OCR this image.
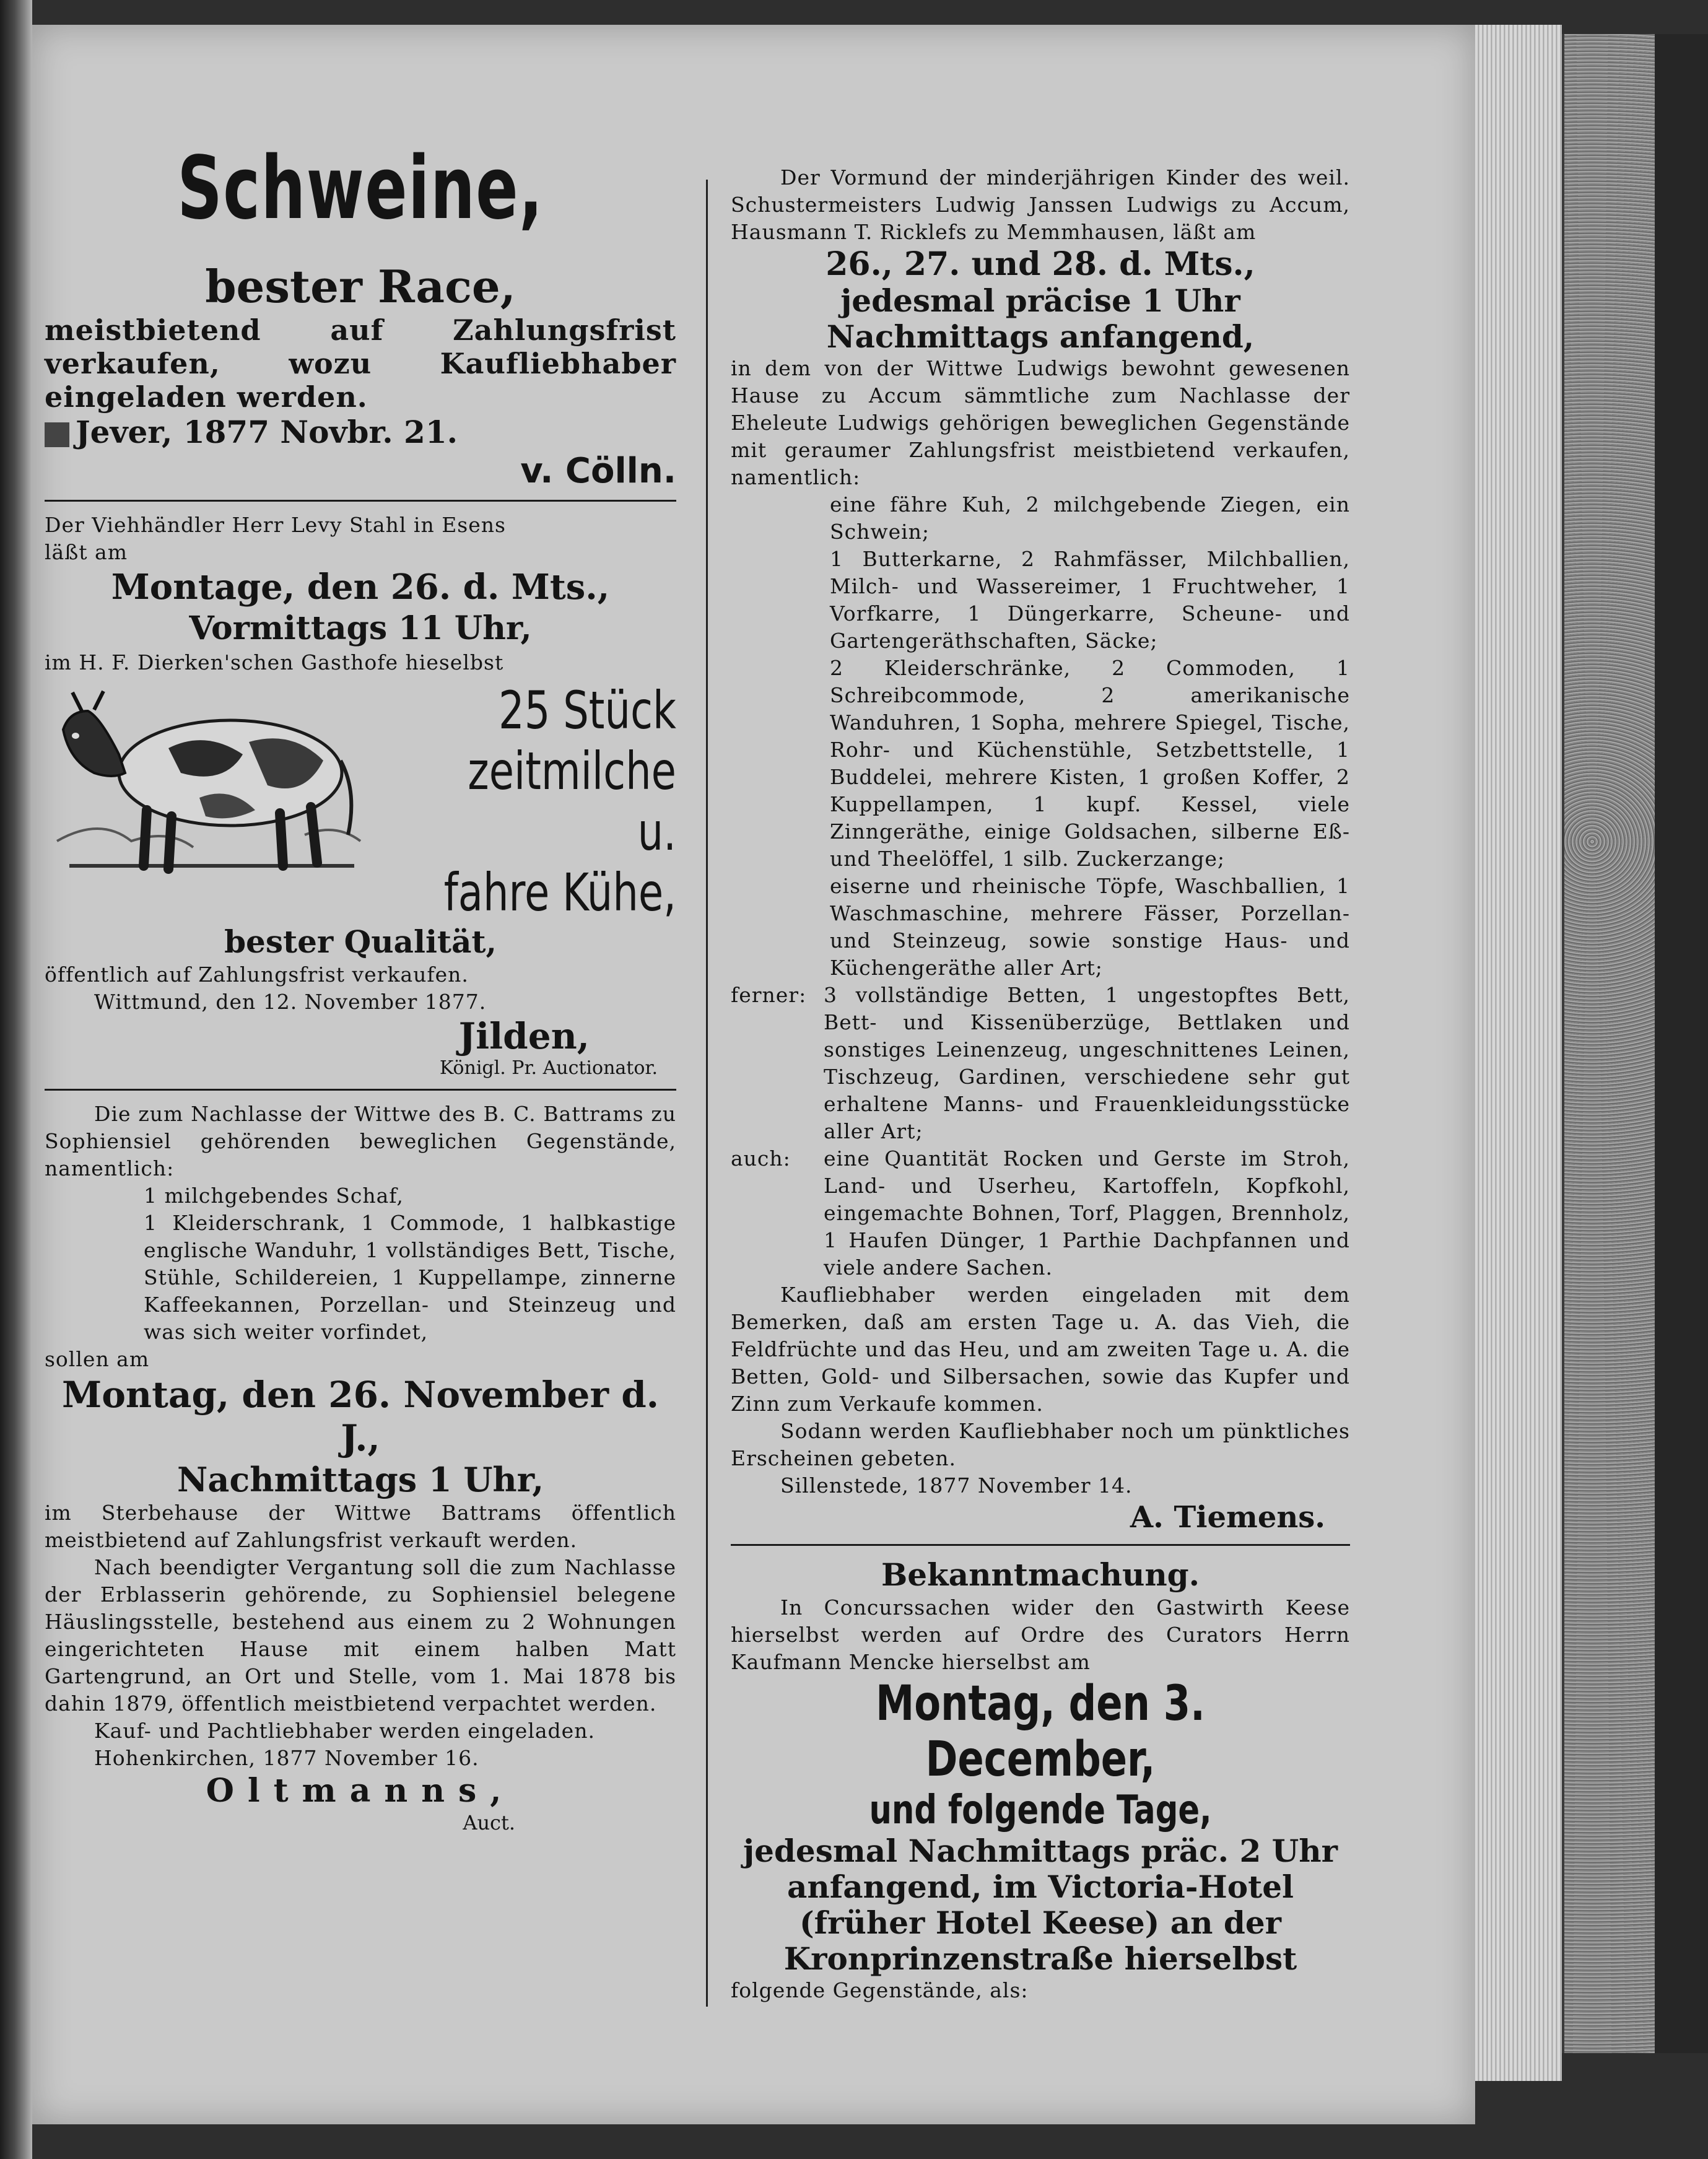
Schweine,
bester Race,

meistbietend auf Zahlungsfrist verkaufen, wozu Kaufliebhaber eingeladen werden.

Jever, 1877 Novbr. 21.
v. Cölln.

Der Viehhändler Herr Levy Stahl in Esens

läßt am

Montage, den 26. d. Mts.,
Vormittags 11 Uhr,

im H. F. Dierken'schen Gasthofe hieselbst

25 Stück
zeitmilche u.
fahre Kühe,
bester Qualität,

öffentlich auf Zahlungsfrist verkaufen.

Wittmund, den 12. November 1877.

Jilden,
Königl. Pr. Auctionator.

Die zum Nachlasse der Wittwe des B. C. Battrams zu Sophiensiel gehörenden beweglichen Gegenstände, namentlich:

1 milchgebendes Schaf,

1 Kleiderschrank, 1 Commode, 1 halbkastige englische Wanduhr, 1 vollständiges Bett, Tische, Stühle, Schildereien, 1 Kuppellampe, zinnerne Kaffeekannen, Porzellan- und Steinzeug und was sich weiter vorfindet,

sollen am

Montag, den 26. November d. J.,
Nachmittags 1 Uhr,

im Sterbehause der Wittwe Battrams öffentlich meistbietend auf Zahlungsfrist verkauft werden.

Nach beendigter Vergantung soll die zum Nachlasse der Erblasserin gehörende, zu Sophiensiel belegene Häuslingsstelle, bestehend aus einem zu 2 Wohnungen eingerichteten Hause mit einem halben Matt Gartengrund, an Ort und Stelle, vom 1. Mai 1878 bis dahin 1879, öffentlich meistbietend verpachtet werden.

Kauf- und Pachtliebhaber werden eingeladen.

Hohenkirchen, 1877 November 16.

Oltmanns,
Auct.

Der Vormund der minderjährigen Kinder des weil. Schustermeisters Ludwig Janssen Ludwigs zu Accum, Hausmann T. Ricklefs zu Memmhausen, läßt am

26., 27. und 28. d. Mts.,
jedesmal präcise 1 Uhr Nachmittags anfangend,

in dem von der Wittwe Ludwigs bewohnt gewesenen Hause zu Accum sämmtliche zum Nachlasse der Eheleute Ludwigs gehörigen beweglichen Gegenstände mit geraumer Zahlungsfrist meistbietend verkaufen, namentlich:

eine fähre Kuh, 2 milchgebende Ziegen, ein Schwein;

1 Butterkarne, 2 Rahmfässer, Milchballien, Milch- und Wassereimer, 1 Fruchtweher, 1 Vorfkarre, 1 Düngerkarre, Scheune- und Gartengeräthschaften, Säcke;

2 Kleiderschränke, 2 Commoden, 1 Schreibcommode, 2 amerikanische Wanduhren, 1 Sopha, mehrere Spiegel, Tische, Rohr- und Küchenstühle, Setzbettstelle, 1 Buddelei, mehrere Kisten, 1 großen Koffer, 2 Kuppellampen, 1 kupf. Kessel, viele Zinngeräthe, einige Goldsachen, silberne Eß- und Theelöffel, 1 silb. Zuckerzange;

eiserne und rheinische Töpfe, Waschballien, 1 Waschmaschine, mehrere Fässer, Porzellan- und Steinzeug, sowie sonstige Haus- und Küchengeräthe aller Art;

ferner: 3 vollständige Betten, 1 ungestopftes Bett, Bett- und Kissenüberzüge, Bettlaken und sonstiges Leinenzeug, ungeschnittenes Leinen, Tischzeug, Gardinen, verschiedene sehr gut erhaltene Manns- und Frauenkleidungsstücke aller Art;

auch: eine Quantität Rocken und Gerste im Stroh, Land- und Userheu, Kartoffeln, Kopfkohl, eingemachte Bohnen, Torf, Plaggen, Brennholz, 1 Haufen Dünger, 1 Parthie Dachpfannen und viele andere Sachen.

Kaufliebhaber werden eingeladen mit dem Bemerken, daß am ersten Tage u. A. das Vieh, die Feldfrüchte und das Heu, und am zweiten Tage u. A. die Betten, Gold- und Silbersachen, sowie das Kupfer und Zinn zum Verkaufe kommen.

Sodann werden Kaufliebhaber noch um pünktliches Erscheinen gebeten.

Sillenstede, 1877 November 14.

A. Tiemens.
Bekanntmachung.

In Concurssachen wider den Gastwirth Keese hierselbst werden auf Ordre des Curators Herrn Kaufmann Mencke hierselbst am

Montag, den 3. December,
und folgende Tage,

jedesmal Nachmittags präc. 2 Uhr anfangend, im Victoria-Hotel (früher Hotel Keese) an der Kronprinzenstraße hierselbst

folgende Gegenstände, als:
